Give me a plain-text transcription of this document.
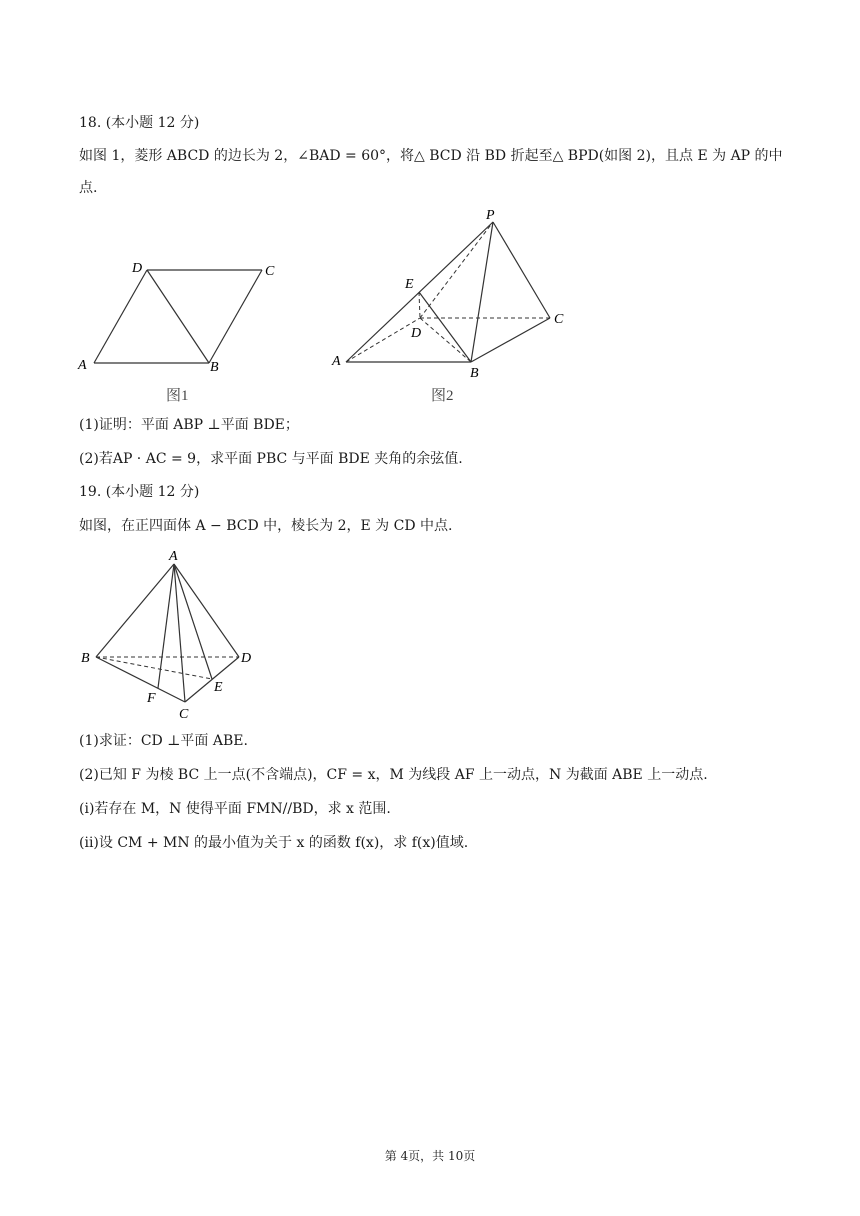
18. (本小题 12 分)
如图 1，菱形 ABCD 的边长为 2，∠BAD = 60°，将△ BCD 沿 BD 折起至△ BPD(如图 2)，且点 E 为 AP 的中
点.
A	B
C
D
图1
A
B
C
D
E
P
图2
(1)证明：平面 ABP ⊥平面 BDE；
(2)若AP · AC = 9，求平面 PBC 与平面 BDE 夹角的余弦值.
19. (本小题 12 分)
如图，在正四面体 A − BCD 中，棱长为 2，E 为 CD 中点.
A
B
C
D
E
F
(1)求证：CD ⊥平面 ABE.
(2)已知 F 为棱 BC 上一点(不含端点)，CF = x，M 为线段 AF 上一动点，N 为截面 ABE 上一动点.
(i)若存在 M，N 使得平面 FMN//BD，求 x 范围.
(ⅱ)设 CM + MN 的最小值为关于 x 的函数 f(x)，求 f(x)值域.
第 4页，共 10页
